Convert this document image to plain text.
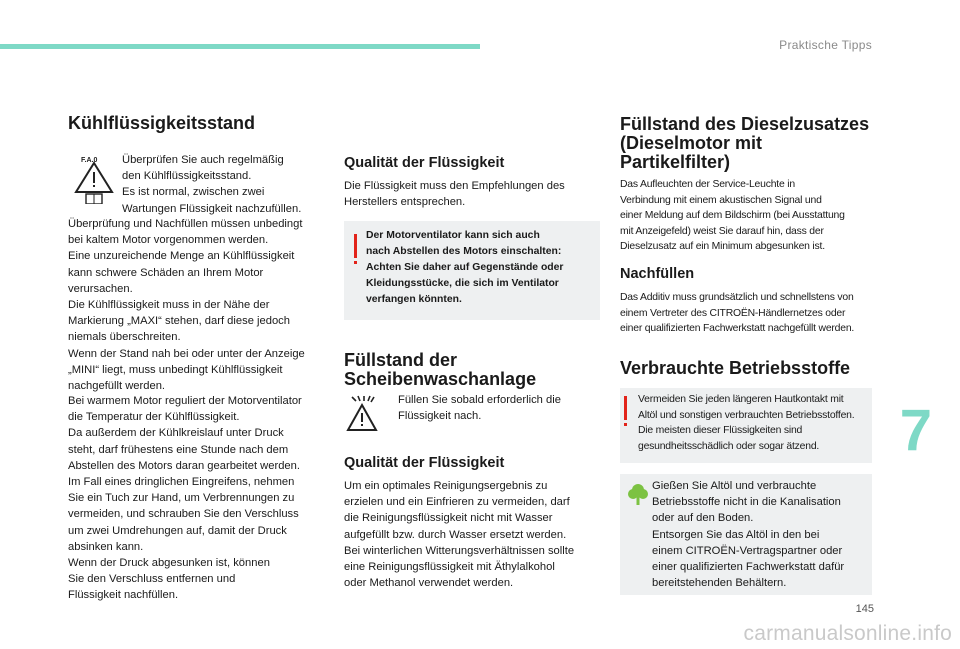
Praktische Tipps
7
145
carmanualsonline.info
Kühlflüssigkeitsstand
F.A.0 Überprüfen Sie auch regelmäßig

den Kühlflüssigkeitsstand.

Es ist normal, zwischen zwei

Wartungen Flüssigkeit nachzufüllen.

Überprüfung und Nachfüllen müssen unbedingt

bei kaltem Motor vorgenommen werden.

Eine unzureichende Menge an Kühlflüssigkeit

kann schwere Schäden an Ihrem Motor

verursachen.

Die Kühlflüssigkeit muss in der Nähe der

Markierung „MAXI“ stehen, darf diese jedoch

niemals überschreiten.

Wenn der Stand nah bei oder unter der Anzeige

„MINI“ liegt, muss unbedingt Kühlflüssigkeit

nachgefüllt werden.

Bei warmem Motor reguliert der Motorventilator

die Temperatur der Kühlflüssigkeit.

Da außerdem der Kühlkreislauf unter Druck

steht, darf frühestens eine Stunde nach dem

Abstellen des Motors daran gearbeitet werden.

Im Fall eines dringlichen Eingreifens, nehmen

Sie ein Tuch zur Hand, um Verbrennungen zu

vermeiden, und schrauben Sie den Verschluss

um zwei Umdrehungen auf, damit der Druck

absinken kann.

Wenn der Druck abgesunken ist, können

Sie den Verschluss entfernen und

Flüssigkeit nachfüllen.

Qualität der Flüssigkeit

Die Flüssigkeit muss den Empfehlungen des

Herstellers entsprechen.

Der Motorventilator kann sich auch
nach Abstellen des Motors einschalten:
Achten Sie daher auf Gegenstände oder
Kleidungsstücke, die sich im Ventilator
verfangen könnten.
Füllstand der
Scheibenwaschanlage

Füllen Sie sobald erforderlich die

Flüssigkeit nach.

Qualität der Flüssigkeit

Um ein optimales Reinigungsergebnis zu

erzielen und ein Einfrieren zu vermeiden, darf

die Reinigungsflüssigkeit nicht mit Wasser

aufgefüllt bzw. durch Wasser ersetzt werden.

Bei winterlichen Witterungsverhältnissen sollte

eine Reinigungsflüssigkeit mit Äthylalkohol

oder Methanol verwendet werden.

Füllstand des Dieselzusatzes
(Dieselmotor mit
Partikelfilter)

Das Aufleuchten der Service-Leuchte in

Verbindung mit einem akustischen Signal und

einer Meldung auf dem Bildschirm (bei Ausstattung

mit Anzeigefeld) weist Sie darauf hin, dass der

Dieselzusatz auf ein Minimum abgesunken ist.

Nachfüllen

Das Additiv muss grundsätzlich und schnellstens von

einem Vertreter des CITROËN-Händlernetzes oder

einer qualifizierten Fachwerkstatt nachgefüllt werden.

Verbrauchte Betriebsstoffe

Vermeiden Sie jeden längeren Hautkontakt mit

Altöl und sonstigen verbrauchten Betriebsstoffen.

Die meisten dieser Flüssigkeiten sind

gesundheitsschädlich oder sogar ätzend.

Gießen Sie Altöl und verbrauchte

Betriebsstoffe nicht in die Kanalisation

oder auf den Boden.

Entsorgen Sie das Altöl in den bei

einem CITROËN-Vertragspartner oder

einer qualifizierten Fachwerkstatt dafür

bereitstehenden Behältern.
